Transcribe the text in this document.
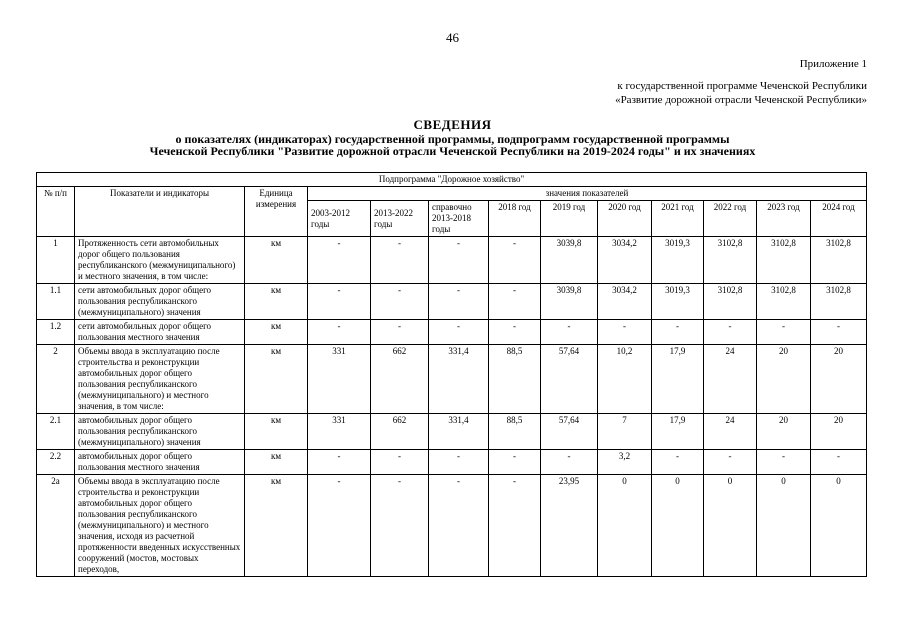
46
Приложение 1
к государственной программе Чеченской Республики
«Развитие дорожной отрасли Чеченской Республики»
СВЕДЕНИЯ
о показателях (индикаторах) государственной программы, подпрограмм государственной программы
Чеченской Республики "Развитие дорожной отрасли Чеченской Республики на 2019-2024 годы" и их значениях
Подпрограмма "Дорожное хозяйство"												
№ п/п	Показатели и индикаторы	Единица измерения	значения показателей									
			2003-2012 годы	2013-2022 годы	справочно 2013-2018 годы	2018 год	2019 год	2020 год	2021 год	2022 год	2023 год	2024 год
1	Протяженность сети автомобильных дорог общего пользования республиканского (межмуниципального) и местного значения, в том числе:	км	-	-	-	-	3039,8	3034,2	3019,3	3102,8	3102,8	3102,8
1.1	сети автомобильных дорог общего пользования республиканского (межмуниципального) значения	км	-	-	-	-	3039,8	3034,2	3019,3	3102,8	3102,8	3102,8
1.2	сети автомобильных дорог общего пользования местного значения	км	-	-	-	-	-	-	-	-	-	-
2	Объемы ввода в эксплуатацию после строительства и реконструкции автомобильных дорог общего пользования республиканского (межмуниципального) и местного значения, в том числе:	км	331	662	331,4	88,5	57,64	10,2	17,9	24	20	20
2.1	автомобильных дорог общего пользования республиканского (межмуниципального) значения	км	331	662	331,4	88,5	57,64	7	17,9	24	20	20
2.2	автомобильных дорог общего пользования местного значения	км	-	-	-	-	-	3,2	-	-	-	-
2а	Объемы ввода в эксплуатацию после строительства и реконструкции автомобильных дорог общего пользования республиканского (межмуниципального) и местного значения, исходя из расчетной протяженности введенных искусственных сооружений (мостов, мостовых переходов,	км	-	-	-	-	23,95	0	0	0	0	0
